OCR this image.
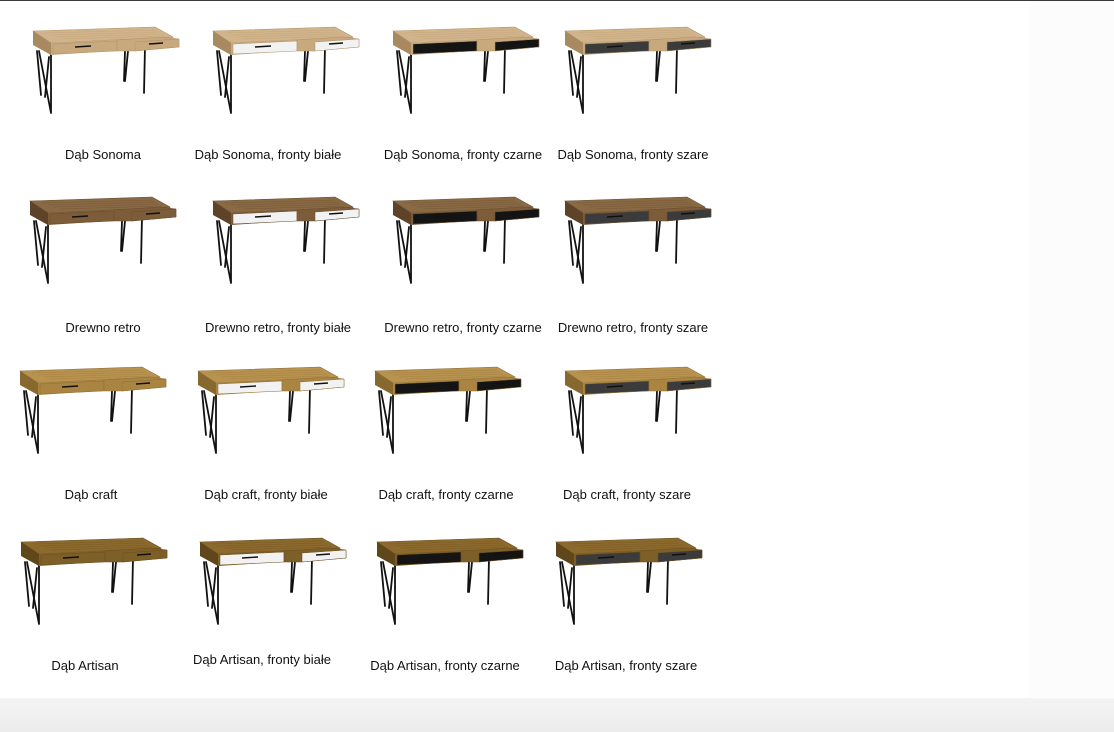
Dąb Sonoma	Dąb Sonoma, fronty białe	Dąb Sonoma, fronty czarne	Dąb Sonoma, fronty szare
Drewno retro	Drewno retro, fronty białe	Drewno retro, fronty czarne	Drewno retro, fronty szare
Dąb craft	Dąb craft, fronty białe	Dąb craft, fronty czarne	Dąb craft, fronty szare
Dąb Artisan	Dąb Artisan, fronty białe	Dąb Artisan, fronty czarne	Dąb Artisan, fronty szare
